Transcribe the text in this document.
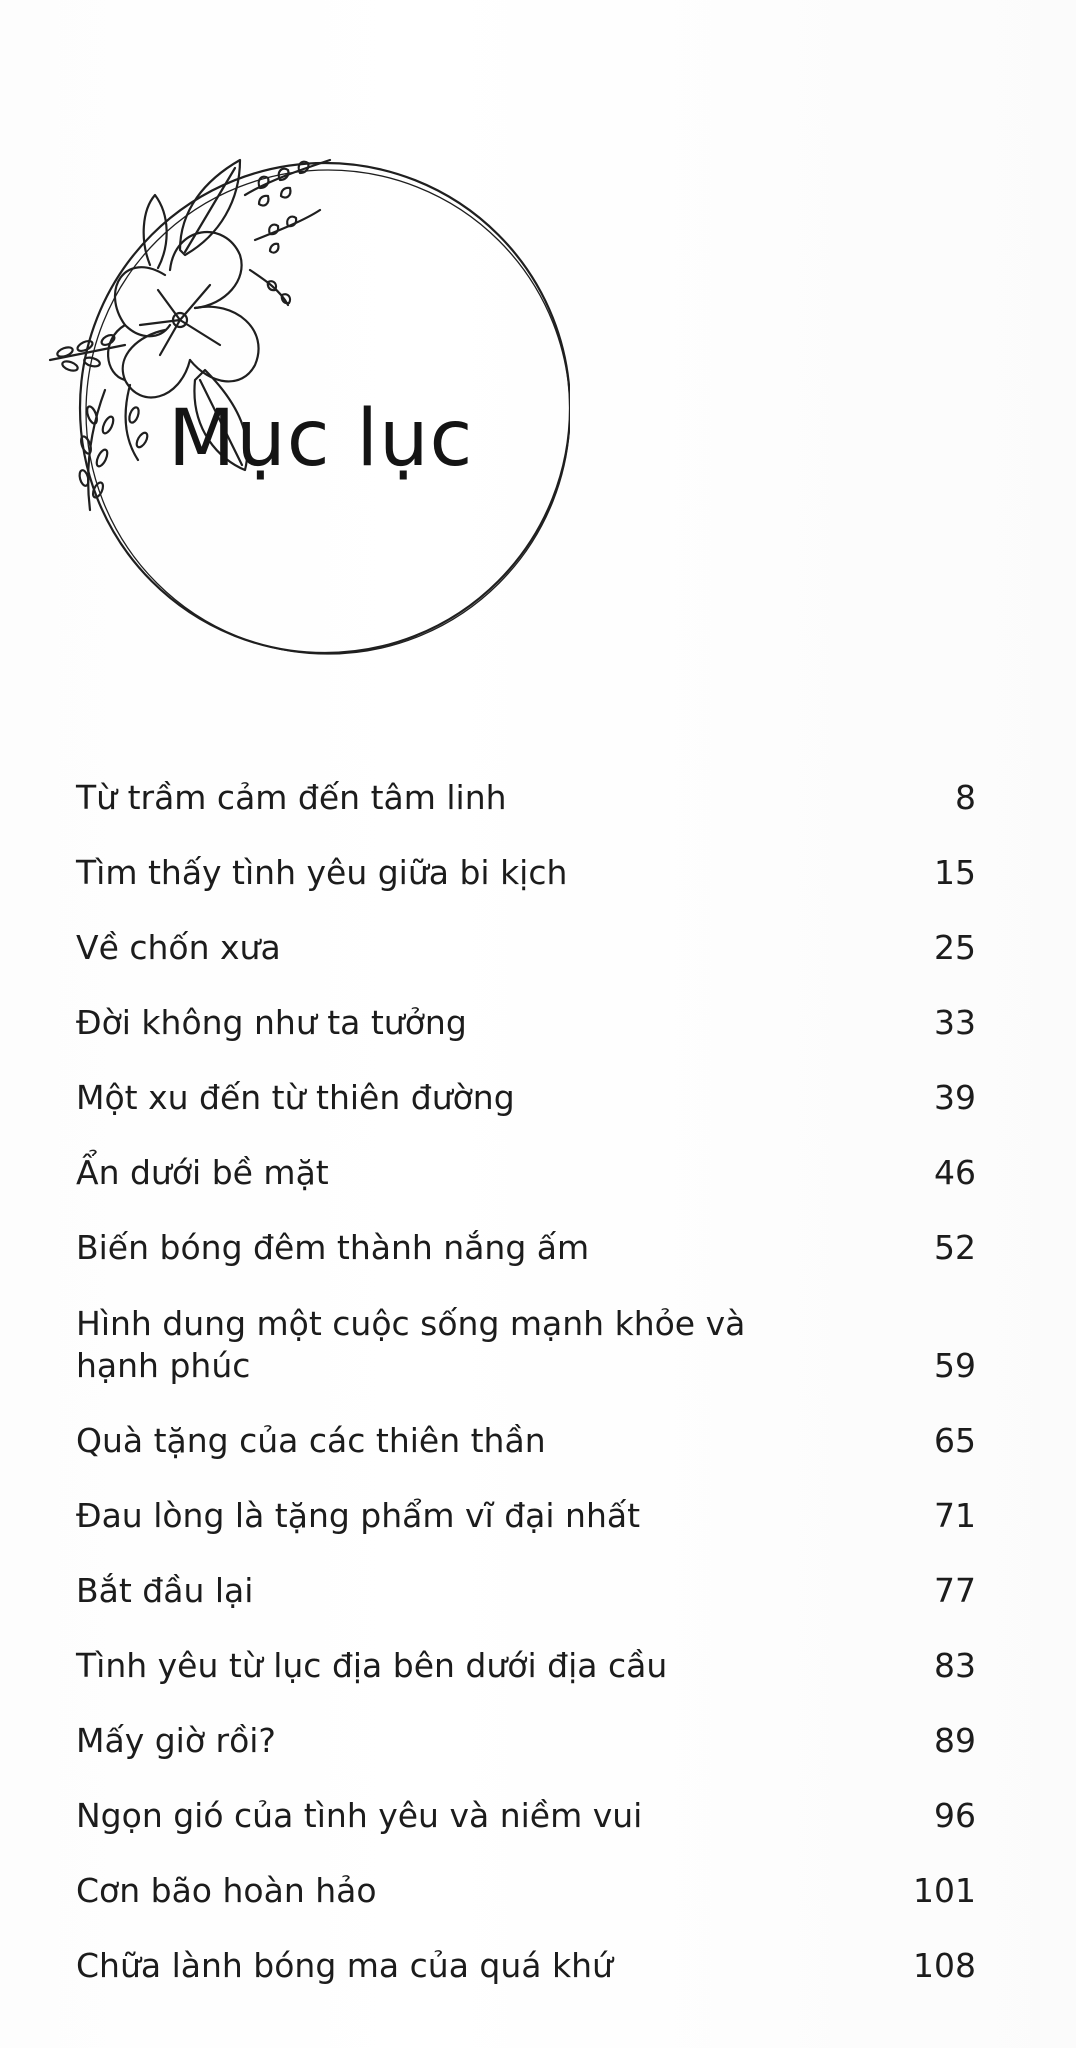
Mục lục
Từ trầm cảm đến tâm linh	8
Tìm thấy tình yêu giữa bi kịch	15
Về chốn xưa	25
Đời không như ta tưởng	33
Một xu đến từ thiên đường	39
Ẩn dưới bề mặt	46
Biến bóng đêm thành nắng ấm	52
Hình dung một cuộc sống mạnh khỏe và hạnh phúc	59
Quà tặng của các thiên thần	65
Đau lòng là tặng phẩm vĩ đại nhất	71
Bắt đầu lại	77
Tình yêu từ lục địa bên dưới địa cầu	83
Mấy giờ rồi?	89
Ngọn gió của tình yêu và niềm vui	96
Cơn bão hoàn hảo	101
Chữa lành bóng ma của quá khứ	108
